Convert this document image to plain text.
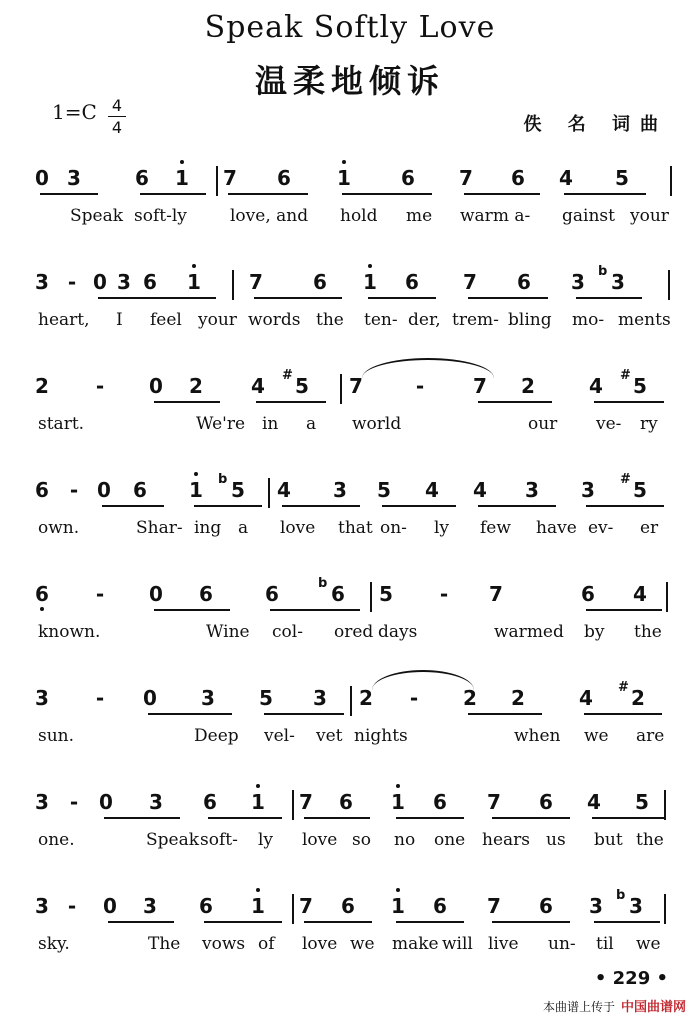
Speak Softly Love
温柔地倾诉
1=C 4
4	佚 名 词曲
0 3	6 1 7 6 1	6 7 6 4 5
Speak soft-ly	love, and hold me warm a- gainst your
3 - 0 3 6 1 7	6 1 6 7 6 3 3
b
heart, I feel your words the ten- der, trem- bling mo- ments
2	-	0 2 4 5
#	7	-	7 2	4 5
#
start.	We're in a world	our ve- ry
6	- 0 6 1 5
b 4 3 5 4 4 3 3 5
#
own.	Shar- ing a love that on- ly few have ev- er
6	-	0 6	6	6
b	5	-	7	6 4
known.	Wine col- ored days	warmed by the
3	-	0 3 5 3 2	-	2 2	4 2
#
sun.	Deep vel- vet nights	when we are
3	-	0 3 6 1 7 6 1 6 7 6 4 5
one.	Speak soft- ly love so no one hears us but the
3 -	0 3 6 1 7 6 1 6 7 6 3 3
b
sky.	The vows of love we make will live un- til we
• 229 •
本曲谱上传于 中国曲谱网
